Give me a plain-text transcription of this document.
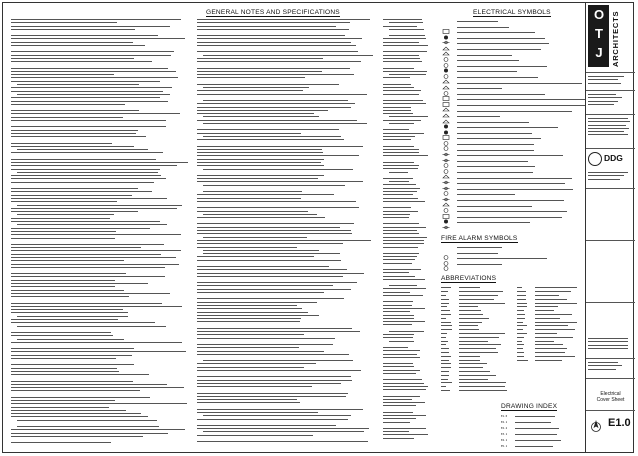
GENERAL NOTES AND SPECIFICATIONS	ELECTRICAL SYMBOLS
FIRE ALARM SYMBOLS
ABBREVIATIONS
DRAWING INDEX
E1.0
E2.1
E2.2
E3.1
E4.1
E5.1
O
T
J	ARCHITECTS
DDG
Electrical
Cover Sheet
E1.0
